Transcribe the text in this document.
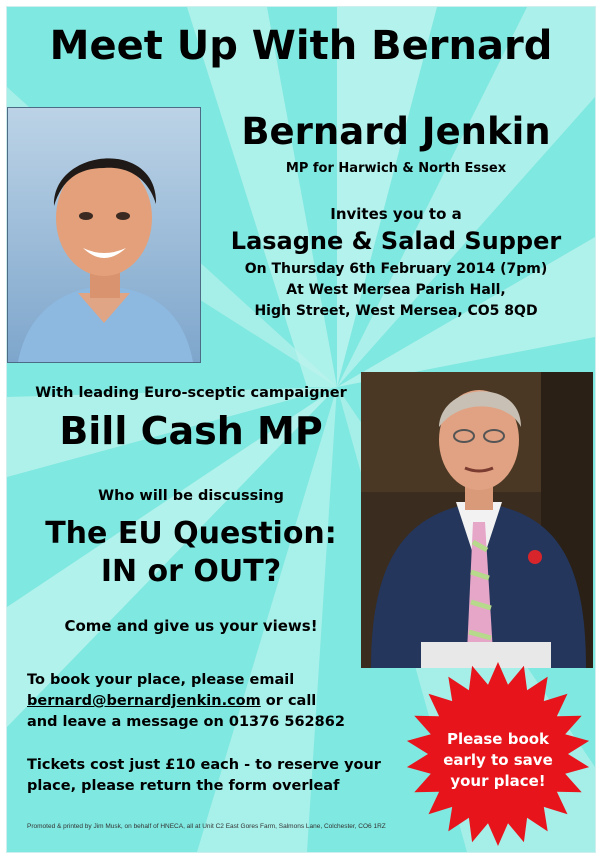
Meet Up With Bernard
Bernard Jenkin
MP for Harwich & North Essex
Invites you to a
Lasagne & Salad Supper
On Thursday 6th February 2014 (7pm)
At West Mersea Parish Hall,
High Street, West Mersea, CO5 8QD
With leading Euro-sceptic campaigner
Bill Cash MP
Who will be discussing
The EU Question:
IN or OUT?
Come and give us your views!
To book your place, please email
bernard@bernardjenkin.com or call
and leave a message on 01376 562862
Tickets cost just £10 each - to reserve your
place, please return the form overleaf
Please book
early to save
your place!
Promoted & printed by Jim Musk, on behalf of HNECA, all at Unit C2 East Gores Farm, Salmons Lane, Colchester, CO6 1RZ
